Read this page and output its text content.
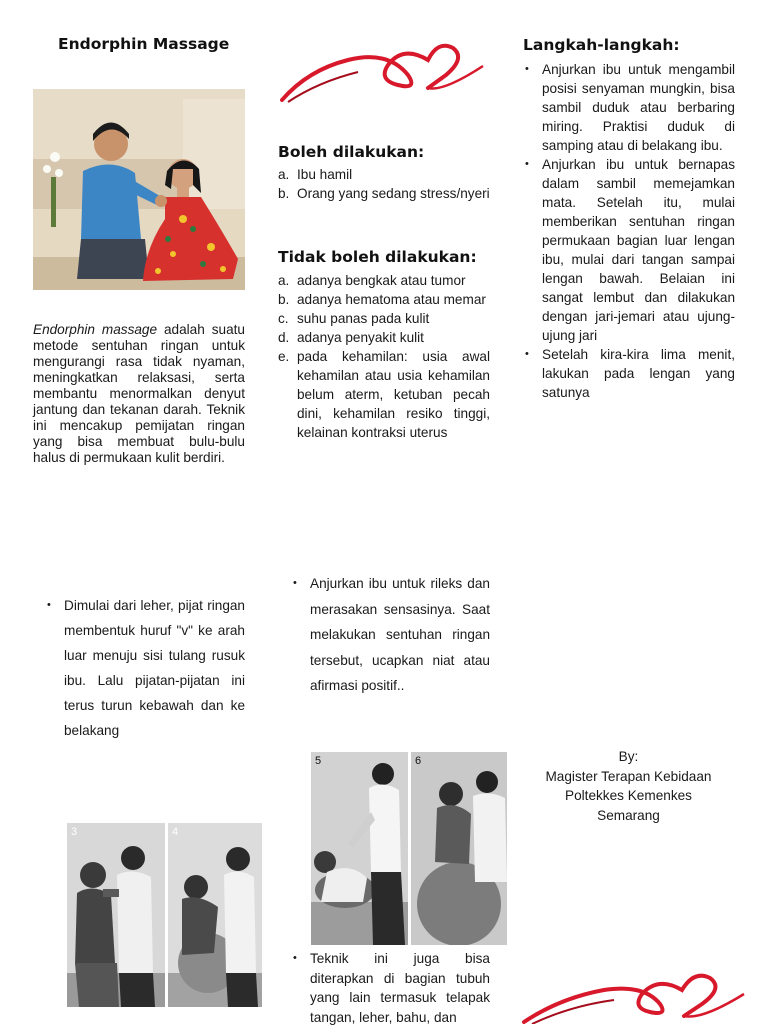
Endorphin Massage
Endorphin massage adalah suatu metode sentuhan ringan untuk mengurangi rasa tidak nyaman, meningkatkan relaksasi, serta membantu menormalkan denyut jantung dan tekanan darah. Teknik ini mencakup pemijatan ringan yang bisa membuat bulu-bulu halus di permukaan kulit berdiri.
Boleh dilakukan:
a. Ibu hamil
b. Orang yang sedang stress/nyeri
Tidak boleh dilakukan:
a. adanya bengkak atau tumor
b. adanya hematoma atau memar
c. suhu panas pada kulit
d. adanya penyakit kulit
e. pada kehamilan: usia awal kehamilan atau usia kehamilan belum aterm, ketuban pecah dini, kehamilan resiko tinggi, kelainan kontraksi uterus
Langkah-langkah:
• Anjurkan ibu untuk mengambil posisi senyaman mungkin, bisa sambil duduk atau berbaring miring. Praktisi duduk di samping atau di belakang ibu.
• Anjurkan ibu untuk bernapas dalam sambil memejamkan mata. Setelah itu, mulai memberikan sentuhan ringan permukaan bagian luar lengan ibu, mulai dari tangan sampai lengan bawah. Belaian ini sangat lembut dan dilakukan dengan jari-jemari atau ujung-ujung jari
• Setelah kira-kira lima menit, lakukan pada lengan yang satunya
• Dimulai dari leher, pijat ringan membentuk huruf "v" ke arah luar menuju sisi tulang rusuk ibu. Lalu pijatan-pijatan ini terus turun kebawah dan ke belakang
3	4
• Anjurkan ibu untuk rileks dan merasakan sensasinya. Saat melakukan sentuhan ringan tersebut, ucapkan niat atau afirmasi positif..
5	6
• Teknik ini juga bisa diterapkan di bagian tubuh yang lain termasuk telapak tangan, leher, bahu, dan
By:
Magister Terapan Kebidaan
Poltekkes Kemenkes
Semarang
